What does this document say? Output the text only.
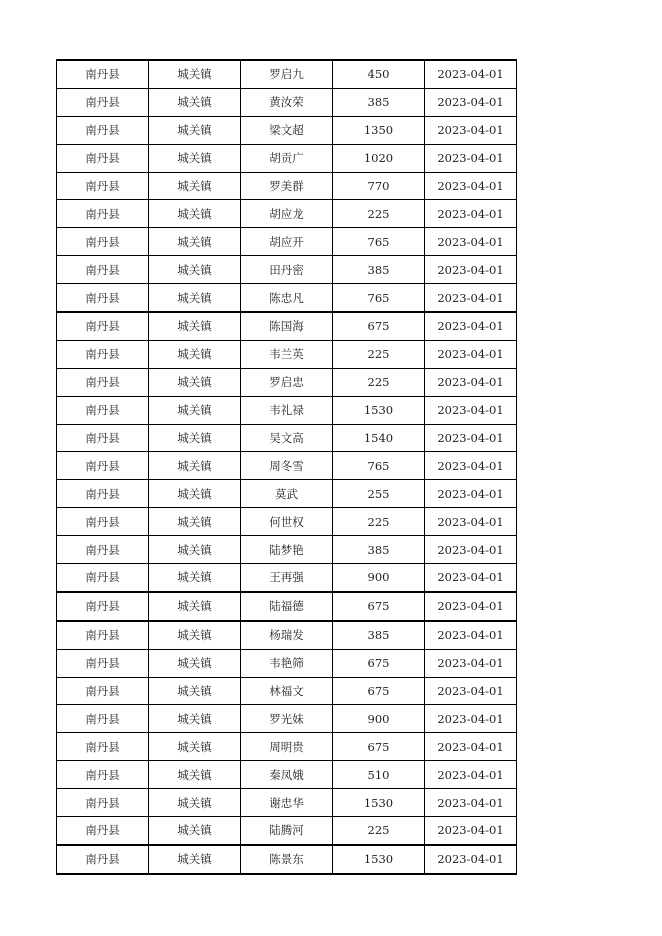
南丹县	城关镇	罗启九	450	2023-04-01
南丹县	城关镇	黄汝荣	385	2023-04-01
南丹县	城关镇	梁文超	1350	2023-04-01
南丹县	城关镇	胡贡广	1020	2023-04-01
南丹县	城关镇	罗美群	770	2023-04-01
南丹县	城关镇	胡应龙	225	2023-04-01
南丹县	城关镇	胡应开	765	2023-04-01
南丹县	城关镇	田丹密	385	2023-04-01
南丹县	城关镇	陈忠凡	765	2023-04-01
南丹县	城关镇	陈国海	675	2023-04-01
南丹县	城关镇	韦兰英	225	2023-04-01
南丹县	城关镇	罗启忠	225	2023-04-01
南丹县	城关镇	韦礼禄	1530	2023-04-01
南丹县	城关镇	吴文高	1540	2023-04-01
南丹县	城关镇	周冬雪	765	2023-04-01
南丹县	城关镇	莫武	255	2023-04-01
南丹县	城关镇	何世权	225	2023-04-01
南丹县	城关镇	陆梦艳	385	2023-04-01
南丹县	城关镇	王再强	900	2023-04-01
南丹县	城关镇	陆福德	675	2023-04-01
南丹县	城关镇	杨瑞发	385	2023-04-01
南丹县	城关镇	韦艳筛	675	2023-04-01
南丹县	城关镇	林福文	675	2023-04-01
南丹县	城关镇	罗光妹	900	2023-04-01
南丹县	城关镇	周明贵	675	2023-04-01
南丹县	城关镇	秦凤娥	510	2023-04-01
南丹县	城关镇	谢忠华	1530	2023-04-01
南丹县	城关镇	陆腾河	225	2023-04-01
南丹县	城关镇	陈景东	1530	2023-04-01
